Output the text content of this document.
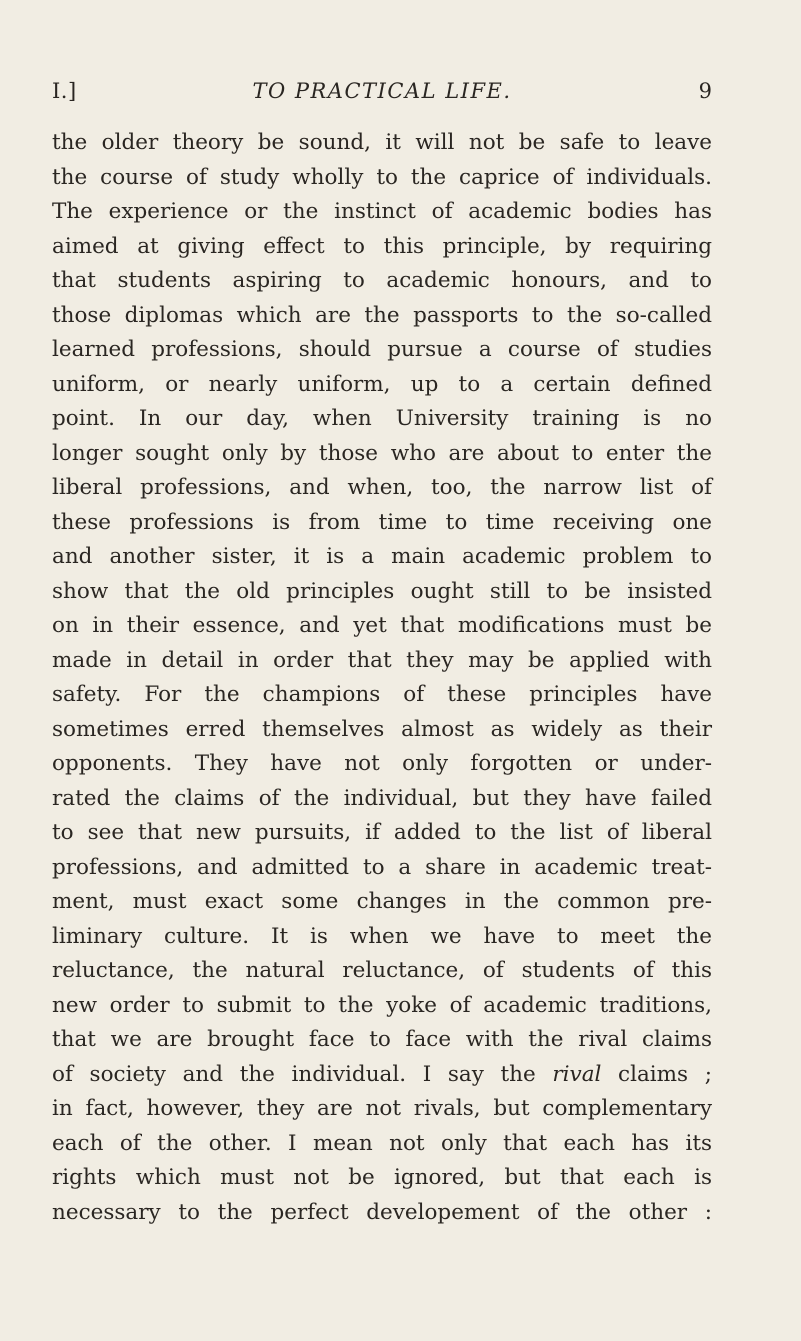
I.]	TO PRACTICAL LIFE.	9
the older theory be sound, it will not be safe to leave
the course of study wholly to the caprice of individuals.
The experience or the instinct of academic bodies has
aimed at giving effect to this principle, by requiring
that students aspiring to academic honours, and to
those diplomas which are the passports to the so-called
learned professions, should pursue a course of studies
uniform, or nearly uniform, up to a certain defined
point. In our day, when University training is no
longer sought only by those who are about to enter the
liberal professions, and when, too, the narrow list of
these professions is from time to time receiving one
and another sister, it is a main academic problem to
show that the old principles ought still to be insisted
on in their essence, and yet that modifications must be
made in detail in order that they may be applied with
safety. For the champions of these principles have
sometimes erred themselves almost as widely as their
opponents. They have not only forgotten or under-
rated the claims of the individual, but they have failed
to see that new pursuits, if added to the list of liberal
professions, and admitted to a share in academic treat-
ment, must exact some changes in the common pre-
liminary culture. It is when we have to meet the
reluctance, the natural reluctance, of students of this
new order to submit to the yoke of academic traditions,
that we are brought face to face with the rival claims
of society and the individual. I say the rival claims ;
in fact, however, they are not rivals, but complementary
each of the other. I mean not only that each has its
rights which must not be ignored, but that each is
necessary to the perfect developement of the other :
